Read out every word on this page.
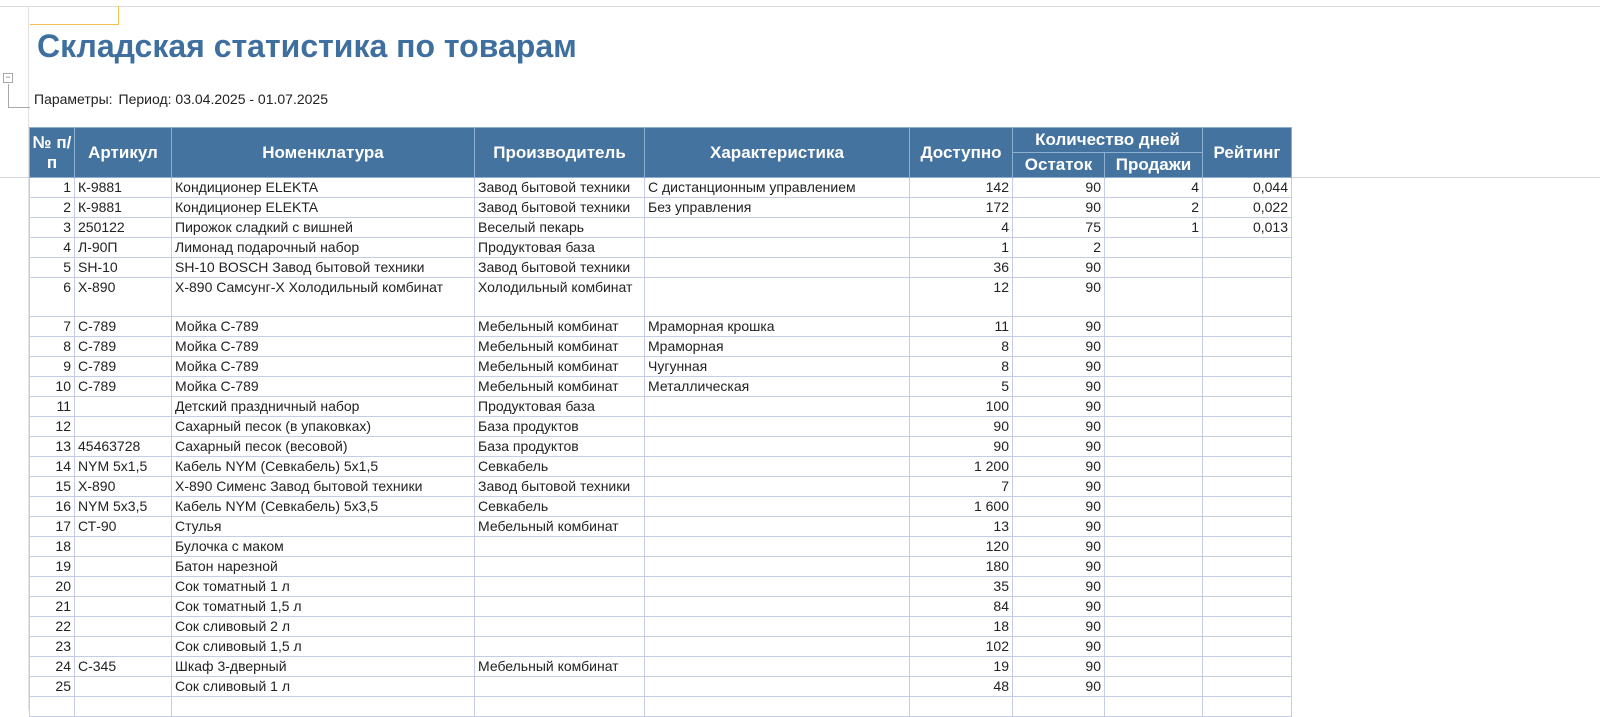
−
Складская статистика по товарам
Параметры: Период: 03.04.2025 - 01.07.2025
№ п/п	Артикул	Номенклатура	Производитель	Характеристика	Доступно	Количество дней		Рейтинг
						Остаток	Продажи	
1	К-9881	Кондиционер ELEKTA	Завод бытовой техники	С дистанционным управлением	142	90	4	0,044
2	К-9881	Кондиционер ELEKTA	Завод бытовой техники	Без управления	172	90	2	0,022
3	250122	Пирожок сладкий с вишней	Веселый пекарь		4	75	1	0,013
4	Л-90П	Лимонад подарочный набор	Продуктовая база		1	2		
5	SH-10	SH-10 BOSCH Завод бытовой техники	Завод бытовой техники		36	90		
6	Х-890	Х-890 Самсунг-Х Холодильный комбинат	Холодильный комбинат		12	90		
7	С-789	Мойка С-789	Мебельный комбинат	Мраморная крошка	11	90		
8	С-789	Мойка С-789	Мебельный комбинат	Мраморная	8	90		
9	С-789	Мойка С-789	Мебельный комбинат	Чугунная	8	90		
10	С-789	Мойка С-789	Мебельный комбинат	Металлическая	5	90		
11		Детский праздничный набор	Продуктовая база		100	90		
12		Сахарный песок (в упаковках)	База продуктов		90	90		
13	45463728	Сахарный песок (весовой)	База продуктов		90	90		
14	NYM 5x1,5	Кабель NYM (Севкабель) 5x1,5	Севкабель		1 200	90		
15	Х-890	Х-890 Сименс Завод бытовой техники	Завод бытовой техники		7	90		
16	NYM 5x3,5	Кабель NYM (Севкабель) 5x3,5	Севкабель		1 600	90		
17	СТ-90	Стулья	Мебельный комбинат		13	90		
18		Булочка с маком			120	90		
19		Батон нарезной			180	90		
20		Сок томатный 1 л			35	90		
21		Сок томатный 1,5 л			84	90		
22		Сок сливовый 2 л			18	90		
23		Сок сливовый 1,5 л			102	90		
24	С-345	Шкаф 3-дверный	Мебельный комбинат		19	90		
25		Сок сливовый 1 л			48	90		
